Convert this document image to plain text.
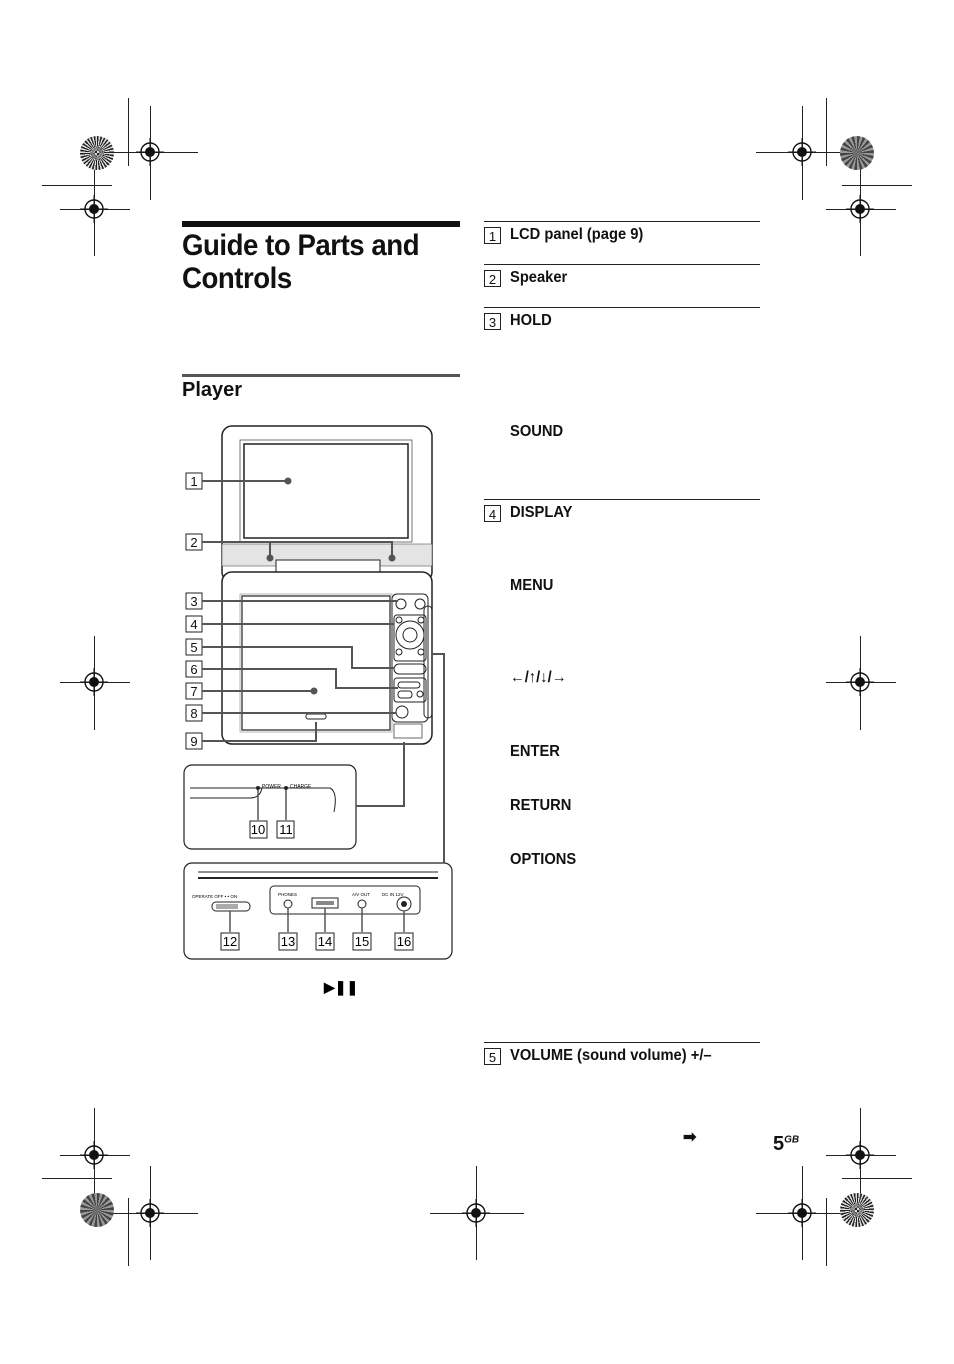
Guide to Parts and Controls
Player
1
2
3
4
5
6
7
8
9
POWER CHARGE
10 11
OPERATE OFF • • ON	PHONES	A/V OUT	DC IN 12V
12	13 14 15 16
▶❚❚
1 LCD panel (page 9)
2 Speaker
3 HOLD
SOUND
4 DISPLAY
MENU
←/↑/↓/→
ENTER
RETURN
OPTIONS
5 VOLUME (sound volume) +/–
➡	$5^{GB}$
